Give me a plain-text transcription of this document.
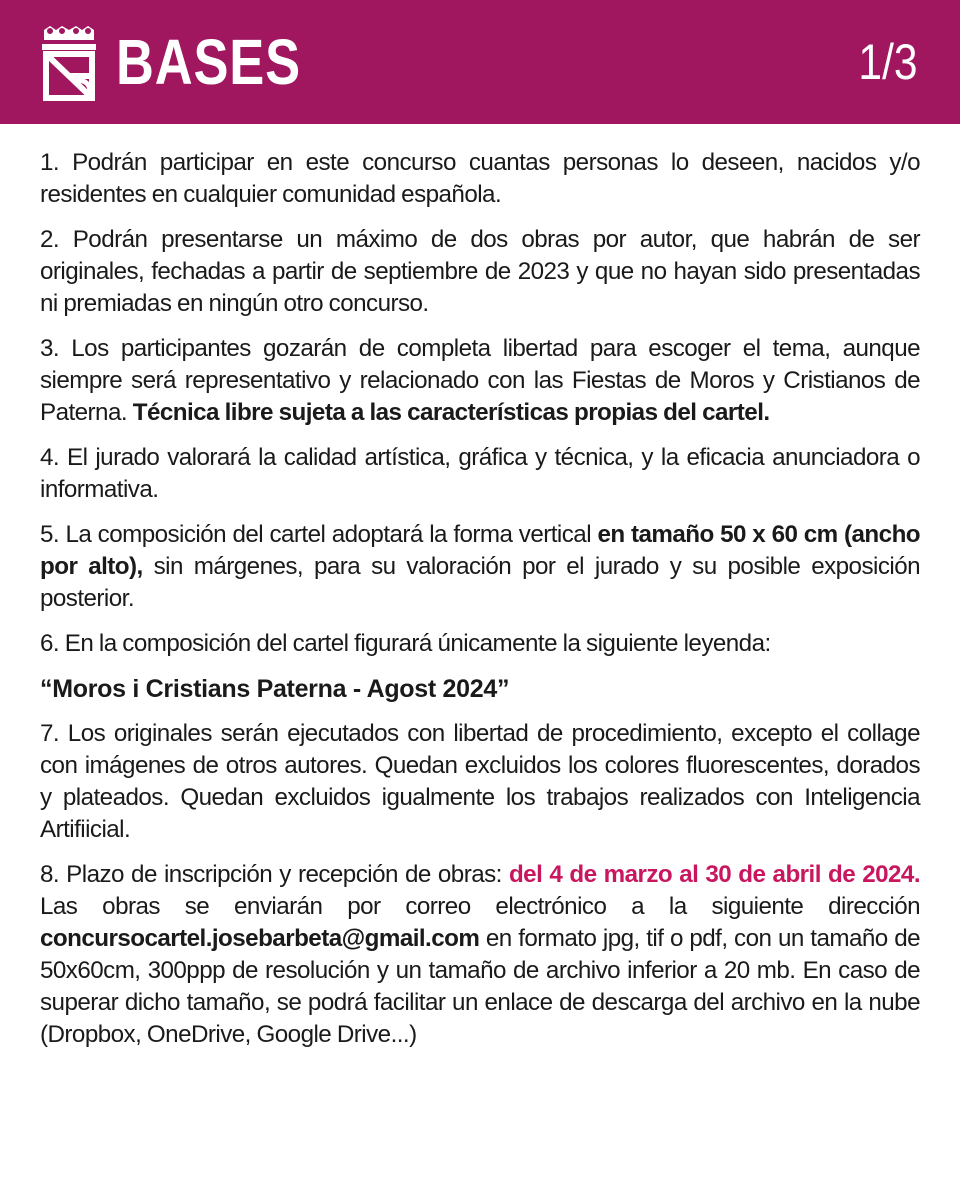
BASES	1/3

1. Podrán participar en este concurso cuantas personas lo deseen, nacidos y/o residentes en cualquier comunidad española.

2. Podrán presentarse un máximo de dos obras por autor, que habrán de ser originales, fechadas a partir de septiembre de 2023 y que no hayan sido presentadas ni premiadas en ningún otro concurso.

3. Los participantes gozarán de completa libertad para escoger el tema, aunque siempre será representativo y relacionado con las Fiestas de Moros y Cristianos de Paterna. Técnica libre sujeta a las características propias del cartel.

4. El jurado valorará la calidad artística, gráfica y técnica, y la eficacia anunciadora o informativa.

5. La composición del cartel adoptará la forma vertical en tamaño 50 x 60 cm (ancho por alto), sin márgenes, para su valoración por el jurado y su posible exposición posterior.

6. En la composición del cartel figurará únicamente la siguiente leyenda:

“Moros i Cristians Paterna - Agost 2024”

7. Los originales serán ejecutados con libertad de procedimiento, excepto el collage con imágenes de otros autores. Quedan excluidos los colores fluorescentes, dorados y plateados. Quedan excluidos igualmente los trabajos realizados con Inteligencia Artifiicial.

8. Plazo de inscripción y recepción de obras: del 4 de marzo al 30 de abril de 2024. Las obras se enviarán por correo electrónico a la siguiente dirección concursocartel.josebarbeta@gmail.com en formato jpg, tif o pdf, con un tamaño de 50x60cm, 300ppp de resolución y un tamaño de archivo inferior a 20 mb. En caso de superar dicho tamaño, se podrá facilitar un enlace de descarga del archivo en la nube (Dropbox, OneDrive, Google Drive...)
